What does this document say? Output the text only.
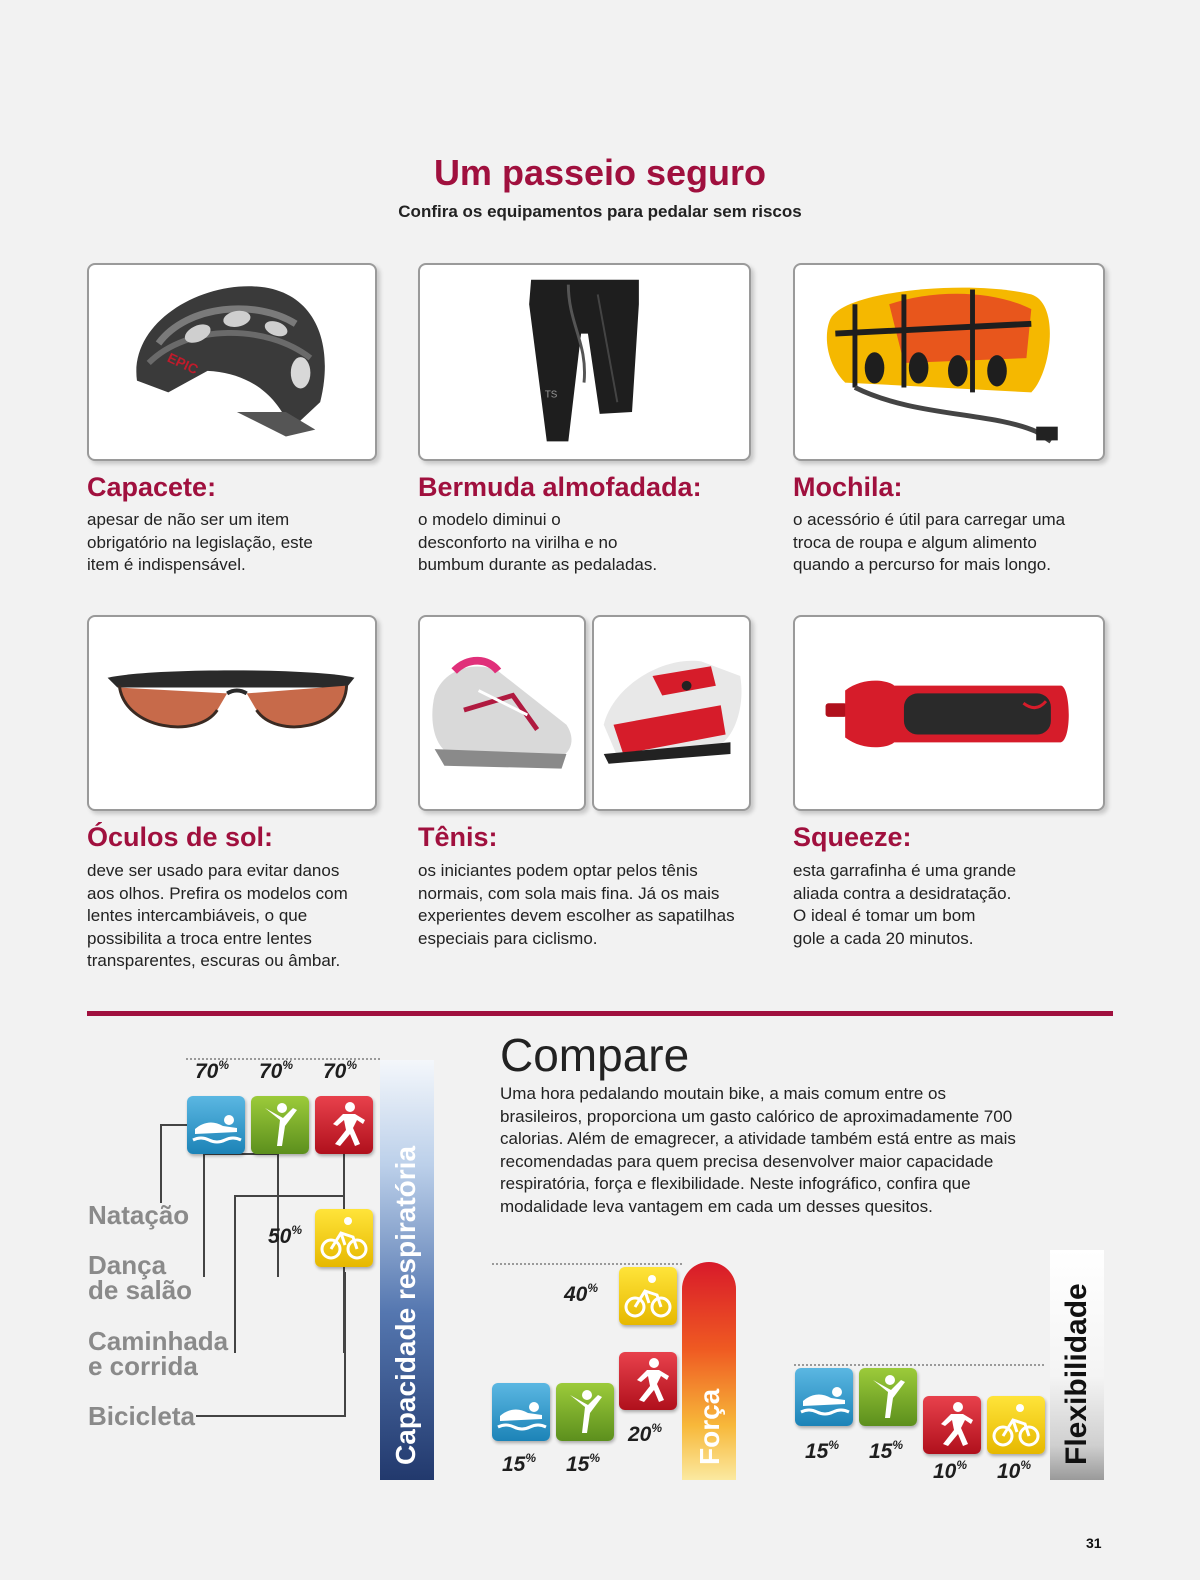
Um passeio seguro
Confira os equipamentos para pedalar sem riscos
EPIC
TS
Capacete:
apesar de não ser um item
obrigatório na legislação, este
item é indispensável.
Bermuda almofadada:
o modelo diminui o
desconforto na virilha e no
bumbum durante as pedaladas.
Mochila:
o acessório é útil para carregar uma
troca de roupa e algum alimento
quando a percurso for mais longo.
Óculos de sol:
deve ser usado para evitar danos
aos olhos. Prefira os modelos com
lentes intercambiáveis, o que
possibilita a troca entre lentes
transparentes, escuras ou âmbar.
Tênis:
os iniciantes podem optar pelos tênis
normais, com sola mais fina. Já os mais
experientes devem escolher as sapatilhas
especiais para ciclismo.
Squeeze:
esta garrafinha é uma grande
aliada contra a desidratação.
O ideal é tomar um bom
gole a cada 20 minutos.
Compare
Uma hora pedalando moutain bike, a mais comum entre os
brasileiros, proporciona um gasto calórico de aproximadamente 700
calorias. Além de emagrecer, a atividade também está entre as mais
recomendadas para quem precisa desenvolver maior capacidade
respiratória, força e flexibilidade. Neste infográfico, confira que
modalidade leva vantagem em cada um desses quesitos.
Natação
Dança
de salão
Caminhada
e corrida
Bicicleta	Capacidade respiratória
70% 70% 70%
50%
Força
40%
20%
15% 15%	Flexibilidade
15% 15%
10% 10%
31
